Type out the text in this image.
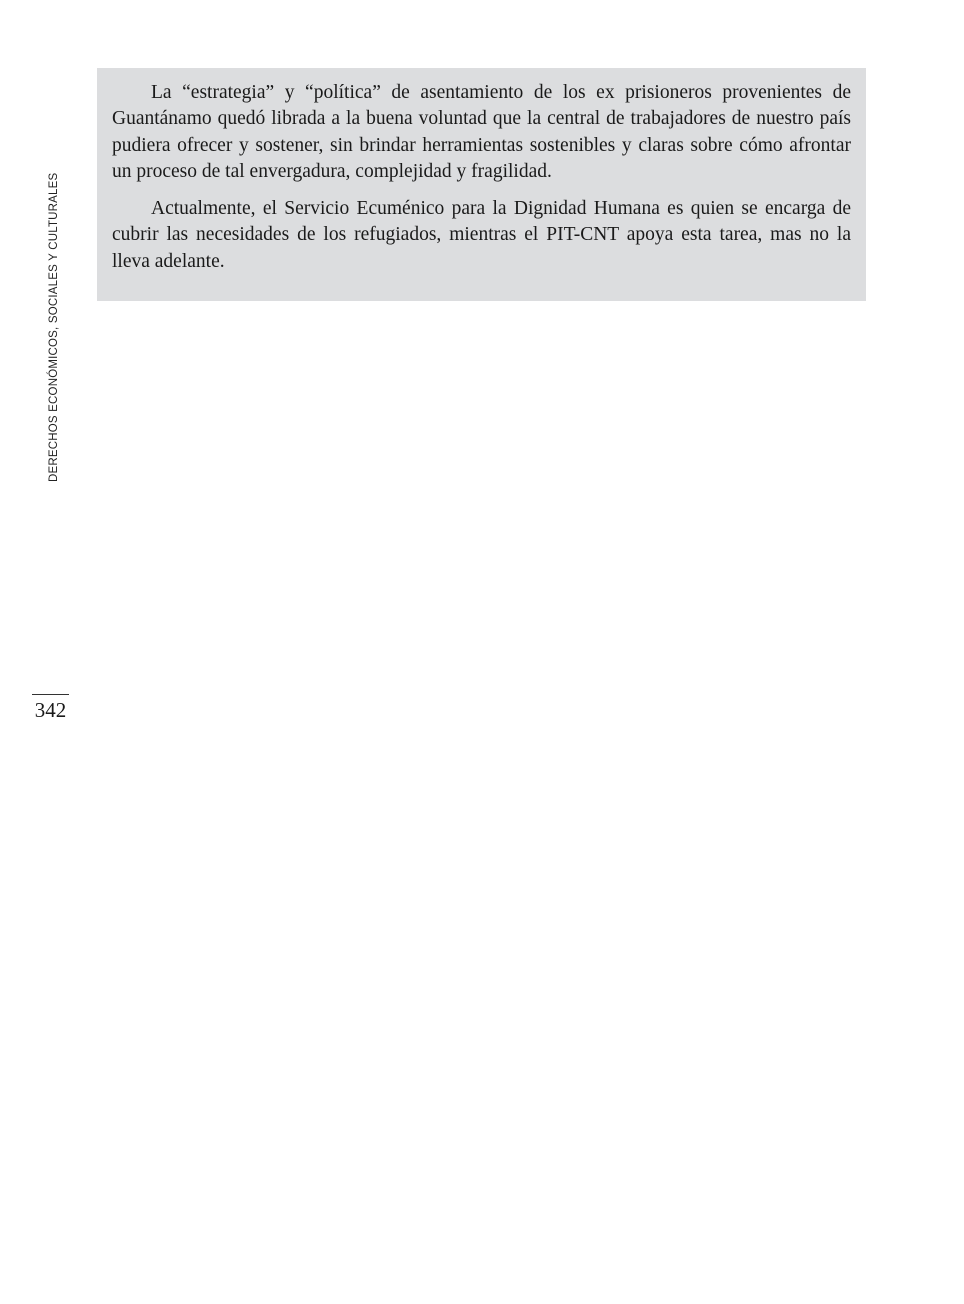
DERECHOS ECONÓMICOS, SOCIALES Y CULTURALES
342

La “estrategia” y “política” de asentamiento de los ex prisioneros provenientes de Guantánamo quedó librada a la buena voluntad que la central de trabajadores de nuestro país pudiera ofrecer y sostener, sin brindar herramientas sostenibles y claras sobre cómo afrontar un proceso de tal envergadura, complejidad y fragilidad.

Actualmente, el Servicio Ecuménico para la Dignidad Humana es quien se encarga de cubrir las necesidades de los refugiados, mientras el PIT-CNT apoya esta tarea, mas no la lleva adelante.
